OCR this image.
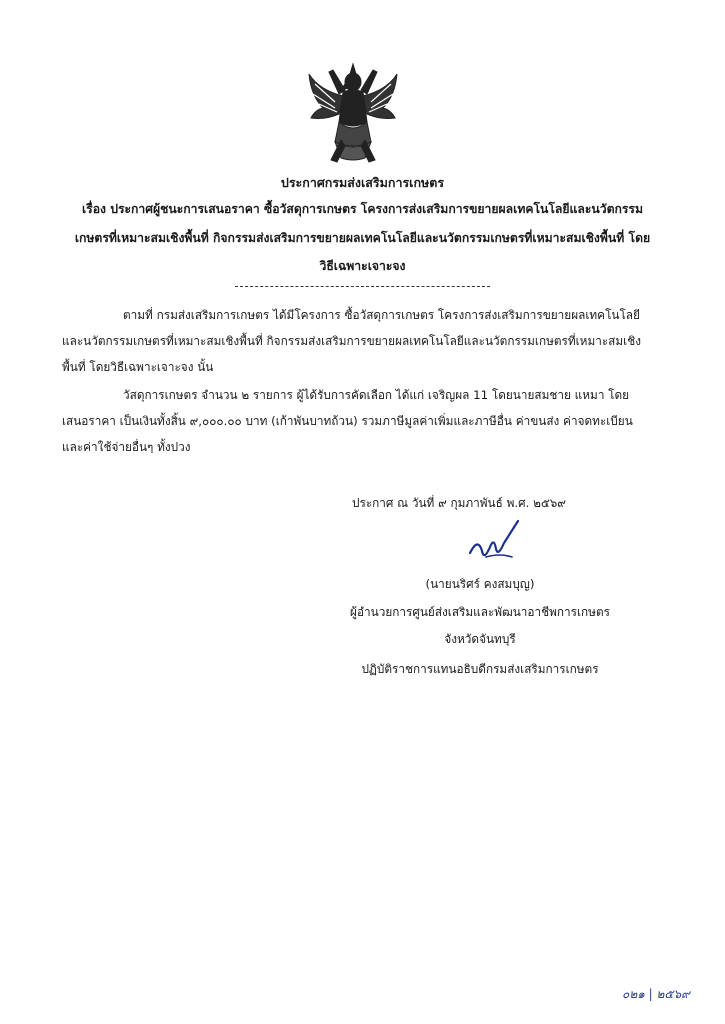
ประกาศกรมส่งเสริมการเกษตร
เรื่อง ประกาศผู้ชนะการเสนอราคา ซื้อวัสดุการเกษตร โครงการส่งเสริมการขยายผลเทคโนโลยีและนวัตกรรม
เกษตรที่เหมาะสมเชิงพื้นที่ กิจกรรมส่งเสริมการขยายผลเทคโนโลยีและนวัตกรรมเกษตรที่เหมาะสมเชิงพื้นที่ โดย
วิธีเฉพาะเจาะจง
ตามที่ กรมส่งเสริมการเกษตร ได้มีโครงการ ซื้อวัสดุการเกษตร โครงการส่งเสริมการขยายผลเทคโนโลยี
และนวัตกรรมเกษตรที่เหมาะสมเชิงพื้นที่ กิจกรรมส่งเสริมการขยายผลเทคโนโลยีและนวัตกรรมเกษตรที่เหมาะสมเชิง
พื้นที่ โดยวิธีเฉพาะเจาะจง นั้น
วัสดุการเกษตร จำนวน ๒ รายการ ผู้ได้รับการคัดเลือก ได้แก่ เจริญผล 11 โดยนายสมชาย แหมา โดย
เสนอราคา เป็นเงินทั้งสิ้น ๙,๐๐๐.๐๐ บาท (เก้าพันบาทถ้วน) รวมภาษีมูลค่าเพิ่มและภาษีอื่น ค่าขนส่ง ค่าจดทะเบียน
และค่าใช้จ่ายอื่นๆ ทั้งปวง
ประกาศ ณ วันที่ ๙ กุมภาพันธ์ พ.ศ. ๒๕๖๙
(นายนริศร์ คงสมบุญ)
ผู้อำนวยการศูนย์ส่งเสริมและพัฒนาอาชีพการเกษตร
จังหวัดจันทบุรี
ปฏิบัติราชการแทนอธิบดีกรมส่งเสริมการเกษตร
๐๒๑ | ๒๕๖๙
